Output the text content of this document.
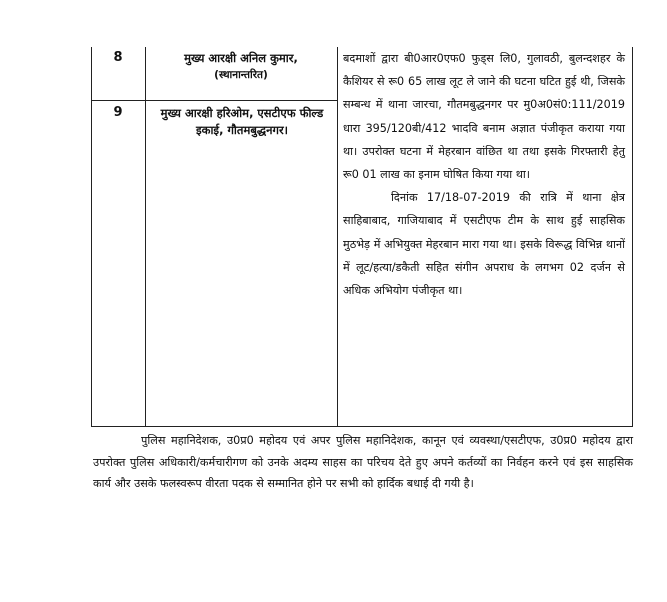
8	मुख्य आरक्षी अनिल कुमार,
(स्थानान्तरित)
9	मुख्य आरक्षी हरिओम, एसटीएफ फील्ड इकाई, गौतमबुद्धनगर।

बदमाशों द्वारा बी0आर0एफ0 फुड्स लि0, गुलावठी, बुलन्दशहर के कैशियर से रू0 65 लाख लूट ले जाने की घटना घटित हुई थी, जिसके सम्बन्ध में थाना जारचा, गौतमबुद्धनगर पर मु0अ0सं0:111/2019 धारा 395/120बी/412 भादवि बनाम अज्ञात पंजीकृत कराया गया था। उपरोक्त घटना में मेहरबान वांछित था तथा इसके गिरफ्तारी हेतु रू0 01 लाख का इनाम घोषित किया गया था।

दिनांक 17/18-07-2019 की रात्रि में थाना क्षेत्र साहिबाबाद, गाजियाबाद में एसटीएफ टीम के साथ हुई साहसिक मुठभेड़ में अभियुक्त मेहरबान मारा गया था। इसके विरूद्ध विभिन्न थानों में लूट/हत्या/डकैती सहित संगीन अपराध के लगभग 02 दर्जन से अधिक अभियोग पंजीकृत था।

पुलिस महानिदेशक, उ0प्र0 महोदय एवं अपर पुलिस महानिदेशक, कानून एवं व्यवस्था/एसटीएफ, उ0प्र0 महोदय द्वारा उपरोक्त पुलिस अधिकारी/कर्मचारीगण को उनके अदम्य साहस का परिचय देते हुए अपने कर्तव्यों का निर्वहन करने एवं इस साहसिक कार्य और उसके फलस्वरूप वीरता पदक से सम्मानित होने पर सभी को हार्दिक बधाई दी गयी है।
